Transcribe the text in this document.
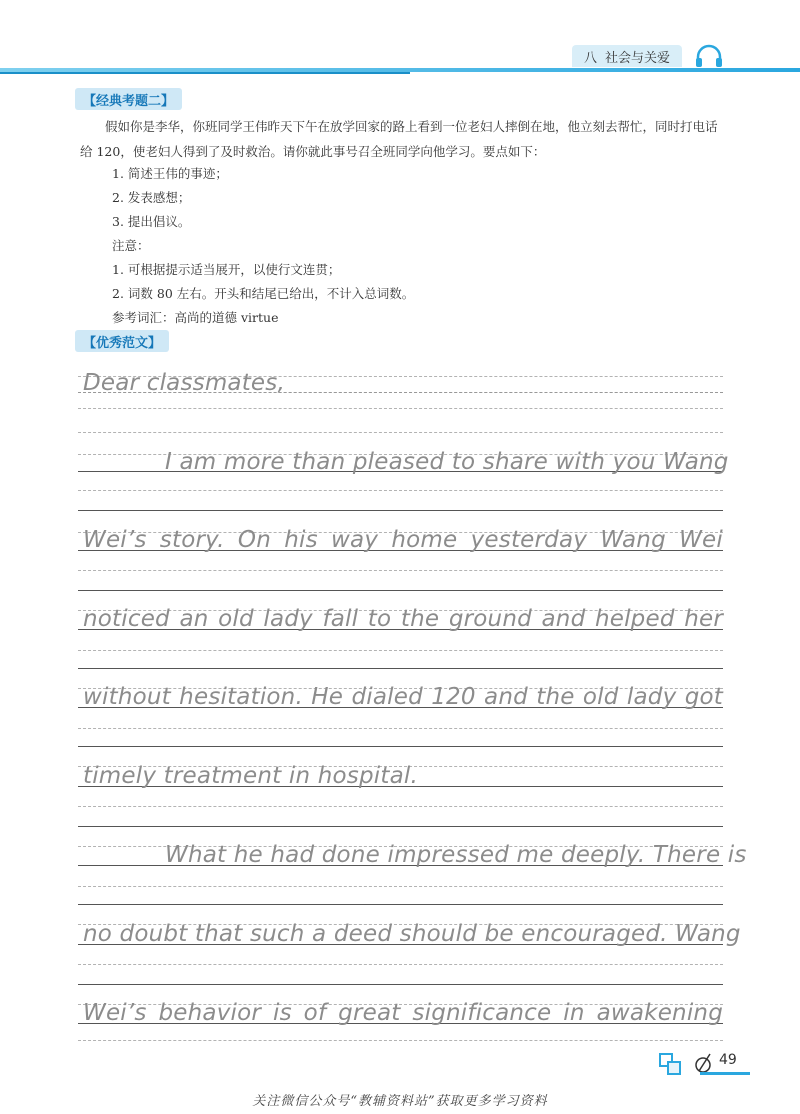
八 社会与关爱
【经典考题二】

假如你是李华，你班同学王伟昨天下午在放学回家的路上看到一位老妇人摔倒在地，他立刻去帮忙，同时打电话给 120，使老妇人得到了及时救治。请你就此事号召全班同学向他学习。要点如下：

1. 简述王伟的事迹；
2. 发表感想；
3. 提出倡议。
注意：
1. 可根据提示适当展开，以使行文连贯；
2. 词数 80 左右。开头和结尾已给出，不计入总词数。
参考词汇：高尚的道德 virtue
【优秀范文】
Dear classmates,
I am more than pleased to share with you Wang
Wei’s story. On his way home yesterday Wang Wei
noticed an old lady fall to the ground and helped her
without hesitation. He dialed 120 and the old lady got
timely treatment in hospital.
What he had done impressed me deeply. There is
no doubt that such a deed should be encouraged. Wang
Wei’s behavior is of great significance in awakening
49
关注微信公众号“教辅资料站”获取更多学习资料
